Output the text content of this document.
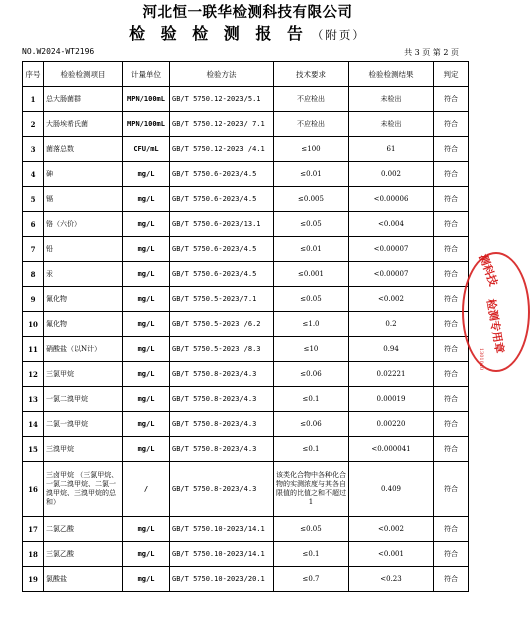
河北恒一联华检测科技有限公司
检 验 检 测 报 告 （附页）
NO.W2024-WT2196	共 3 页 第 2 页
序号	检验检测项目	计量单位	检验方法	技术要求	检验检测结果	判定
1	总大肠菌群	MPN/100mL	GB/T 5750.12-2023/5.1	不应检出	未检出	符合
2	大肠埃希氏菌	MPN/100mL	GB/T 5750.12-2023/ 7.1	不应检出	未检出	符合
3	菌落总数	CFU/mL	GB/T 5750.12-2023 /4.1	≤100	61	符合
4	砷	mg/L	GB/T 5750.6-2023/4.5	≤0.01	0.002	符合
5	镉	mg/L	GB/T 5750.6-2023/4.5	≤0.005	<0.00006	符合
6	铬（六价）	mg/L	GB/T 5750.6-2023/13.1	≤0.05	<0.004	符合
7	铅	mg/L	GB/T 5750.6-2023/4.5	≤0.01	<0.00007	符合
8	汞	mg/L	GB/T 5750.6-2023/4.5	≤0.001	<0.00007	符合
9	氰化物	mg/L	GB/T 5750.5-2023/7.1	≤0.05	<0.002	符合
10	氟化物	mg/L	GB/T 5750.5-2023 /6.2	≤1.0	0.2	符合
11	硝酸盐（以N计）	mg/L	GB/T 5750.5-2023 /8.3	≤10	0.94	符合
12	三氯甲烷	mg/L	GB/T 5750.8-2023/4.3	≤0.06	0.02221	符合
13	一氯二溴甲烷	mg/L	GB/T 5750.8-2023/4.3	≤0.1	0.00019	符合
14	二氯一溴甲烷	mg/L	GB/T 5750.8-2023/4.3	≤0.06	0.00220	符合
15	三溴甲烷	mg/L	GB/T 5750.8-2023/4.3	≤0.1	<0.000041	符合
16	三卤甲烷 （三氯甲烷、一氯二溴甲烷、二氯一溴甲烷、三溴甲烷的总和）	/	GB/T 5750.8-2023/4.3	该类化合物中各种化合物的实测浓度与其各自限值的比值之和不超过1	0.409	符合
17	二氯乙酸	mg/L	GB/T 5750.10-2023/14.1	≤0.05	<0.002	符合
18	三氯乙酸	mg/L	GB/T 5750.10-2023/14.1	≤0.1	<0.001	符合
19	氯酸盐	mg/L	GB/T 5750.10-2023/20.1	≤0.7	<0.23	符合
测科技
检测专用章
1301040
